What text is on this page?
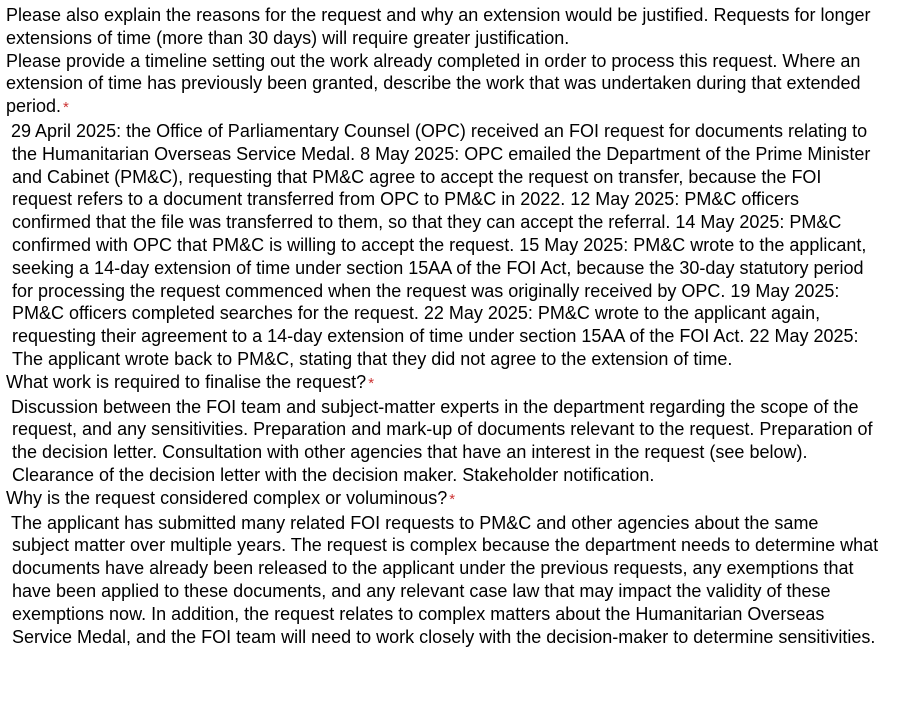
Please also explain the reasons for the request and why an extension would be justified. Requests for longer extensions of time (more than 30 days) will require greater justification.

Please provide a timeline setting out the work already completed in order to process this request. Where an extension of time has previously been granted, describe the work that was undertaken during that extended period. *

29 April 2025: the Office of Parliamentary Counsel (OPC) received an FOI request for documents relating to the Humanitarian Overseas Service Medal. 8 May 2025: OPC emailed the Department of the Prime Minister and Cabinet (PM&C), requesting that PM&C agree to accept the request on transfer, because the FOI request refers to a document transferred from OPC to PM&C in 2022. 12 May 2025: PM&C officers confirmed that the file was transferred to them, so that they can accept the referral. 14 May 2025: PM&C confirmed with OPC that PM&C is willing to accept the request. 15 May 2025: PM&C wrote to the applicant, seeking a 14-day extension of time under section 15AA of the FOI Act, because the 30-day statutory period for processing the request commenced when the request was originally received by OPC. 19 May 2025: PM&C officers completed searches for the request. 22 May 2025: PM&C wrote to the applicant again, requesting their agreement to a 14-day extension of time under section 15AA of the FOI Act. 22 May 2025: The applicant wrote back to PM&C, stating that they did not agree to the extension of time.

What work is required to finalise the request? *

Discussion between the FOI team and subject-matter experts in the department regarding the scope of the request, and any sensitivities. Preparation and mark-up of documents relevant to the request. Preparation of the decision letter. Consultation with other agencies that have an interest in the request (see below). Clearance of the decision letter with the decision maker. Stakeholder notification.

Why is the request considered complex or voluminous? *

The applicant has submitted many related FOI requests to PM&C and other agencies about the same subject matter over multiple years. The request is complex because the department needs to determine what documents have already been released to the applicant under the previous requests, any exemptions that have been applied to these documents, and any relevant case law that may impact the validity of these exemptions now. In addition, the request relates to complex matters about the Humanitarian Overseas Service Medal, and the FOI team will need to work closely with the decision-maker to determine sensitivities.
